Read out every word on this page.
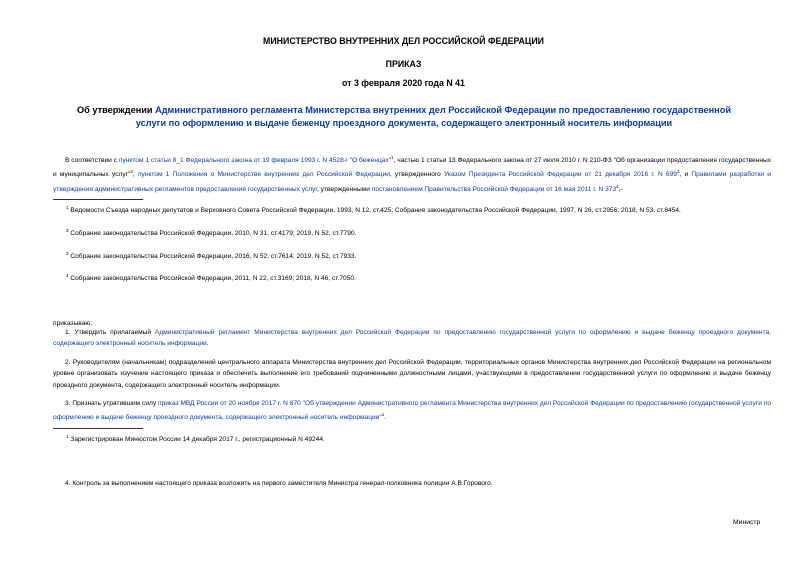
МИНИСТЕРСТВО ВНУТРЕННИХ ДЕЛ РОССИЙСКОЙ ФЕДЕРАЦИИ
ПРИКАЗ
от 3 февраля 2020 года N 41
Об утверждении Административного регламента Министерства внутренних дел Российской Федерации по предоставлению государственной услуги по оформлению и выдаче беженцу проездного документа, содержащего электронный носитель информации
В соответствии с пунктом 1 статьи 8_1 Федерального закона от 19 февраля 1993 г. N 4528-I "О беженцах"$^1$, частью 1 статьи 13 Федерального закона от 27 июля 2010 г. N 210-ФЗ "Об организации предоставления государственных и муниципальных услуг"$^2$, пунктом 1 Положения о Министерстве внутренних дел Российской Федерации, утвержденного Указом Президента Российской Федерации от 21 декабря 2016 г. N $699^3$, и Правилами разработки и утверждения административных регламентов предоставления государственных услуг, утвержденными постановлением Правительства Российской Федерации от 16 мая 2011 г. N $373^4,-$
$^1$ Ведомости Съезда народных депутатов и Верховного Совета Российской Федерации, 1993, N 12, ст.425; Собрание законодательства Российской Федерации, 1997, N 26, ст.2956; 2018, N 53, ст.8454.
$^2$ Собрание законодательства Российской Федерации, 2010, N 31, ст.4179; 2019, N 52, ст.7790.
$^3$ Собрание законодательства Российской Федерации, 2016, N 52, ст.7614; 2019, N 52, ст.7933.
$^4$ Собрание законодательства Российской Федерации, 2011, N 22, ст.3169; 2018, N 46, ст.7050.
приказываю:
1. Утвердить прилагаемый Административный регламент Министерства внутренних дел Российской Федерации по предоставлению государственной услуги по оформлению и выдаче беженцу проездного документа, содержащего электронный носитель информации.
2. Руководителям (начальникам) подразделений центрального аппарата Министерства внутренних дел Российской Федерации, территориальных органов Министерства внутренних дел Российской Федерации на региональном уровне организовать изучение настоящего приказа и обеспечить выполнение его требований подчиненными должностными лицами, участвующими в предоставлении государственной услуги по оформлению и выдаче беженцу проездного документа, содержащего электронный носитель информации.
3. Признать утратившим силу приказ МВД России от 20 ноября 2017 г. N 870 "Об утверждении Административного регламента Министерства внутренних дел Российской Федерации по предоставлению государственной услуги по оформлению и выдаче беженцу проездного документа, содержащего электронный носитель информации"$^1$.
$^1$ Зарегистрирован Минюстом России 14 декабря 2017 г., регистрационный N 49244.
4. Контроль за выполнением настоящего приказа возложить на первого заместителя Министра генерал-полковника полиции А.В.Горового.
Министр
